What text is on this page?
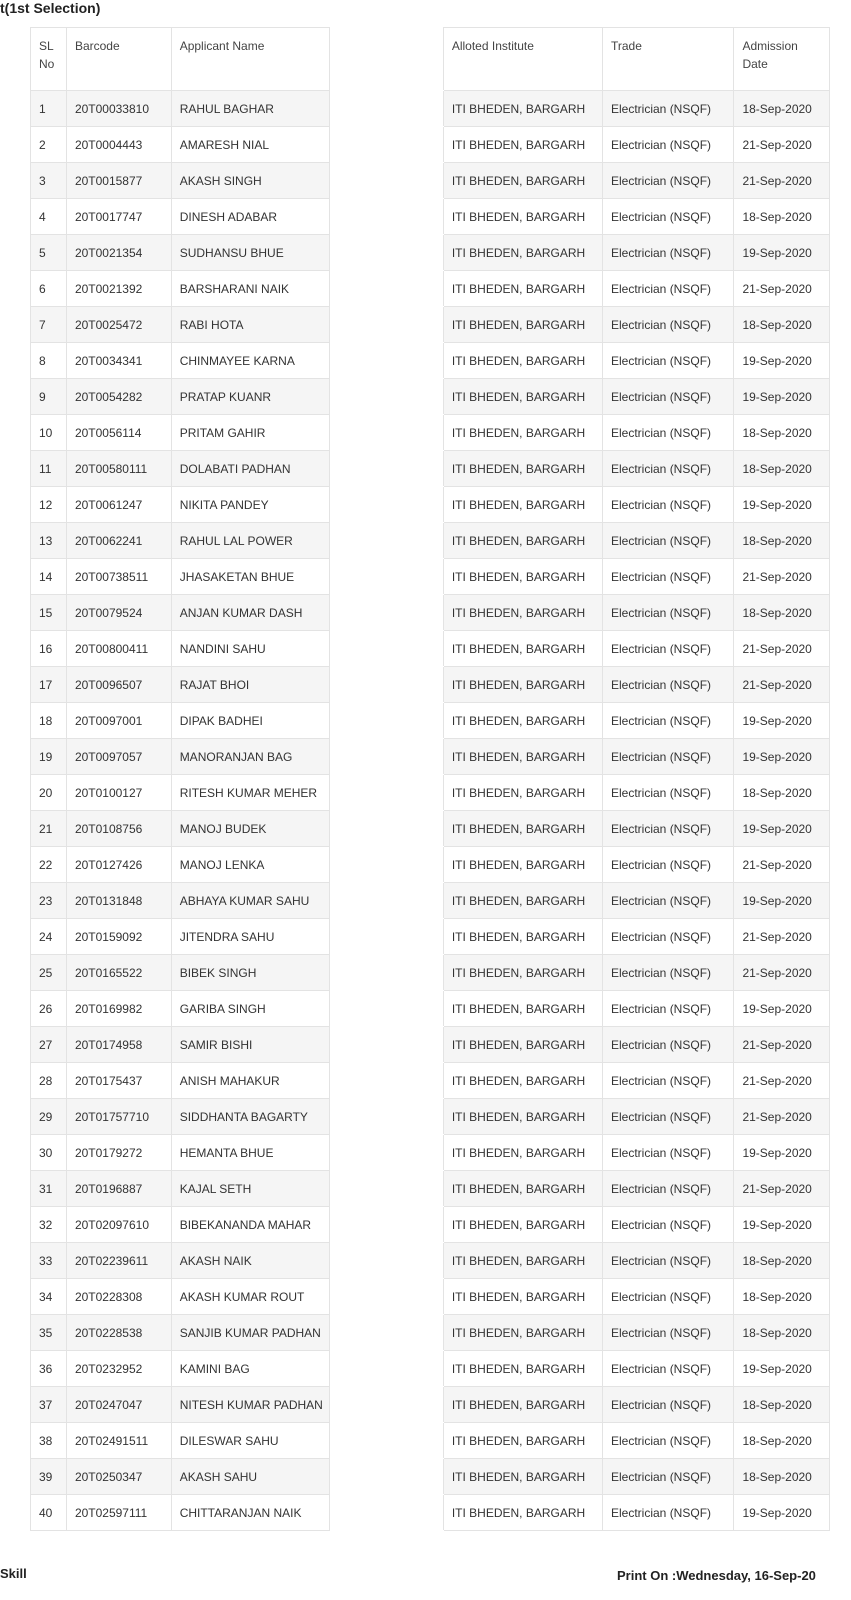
t(1st Selection)
SL No	Barcode	Applicant Name		Alloted Institute	Trade	Admission Date
1	20T00033810	RAHUL BAGHAR		ITI BHEDEN, BARGARH	Electrician (NSQF)	18-Sep-2020
2	20T0004443	AMARESH NIAL		ITI BHEDEN, BARGARH	Electrician (NSQF)	21-Sep-2020
3	20T0015877	AKASH SINGH		ITI BHEDEN, BARGARH	Electrician (NSQF)	21-Sep-2020
4	20T0017747	DINESH ADABAR		ITI BHEDEN, BARGARH	Electrician (NSQF)	18-Sep-2020
5	20T0021354	SUDHANSU BHUE		ITI BHEDEN, BARGARH	Electrician (NSQF)	19-Sep-2020
6	20T0021392	BARSHARANI NAIK		ITI BHEDEN, BARGARH	Electrician (NSQF)	21-Sep-2020
7	20T0025472	RABI HOTA		ITI BHEDEN, BARGARH	Electrician (NSQF)	18-Sep-2020
8	20T0034341	CHINMAYEE KARNA		ITI BHEDEN, BARGARH	Electrician (NSQF)	19-Sep-2020
9	20T0054282	PRATAP KUANR		ITI BHEDEN, BARGARH	Electrician (NSQF)	19-Sep-2020
10	20T0056114	PRITAM GAHIR		ITI BHEDEN, BARGARH	Electrician (NSQF)	18-Sep-2020
11	20T00580111	DOLABATI PADHAN		ITI BHEDEN, BARGARH	Electrician (NSQF)	18-Sep-2020
12	20T0061247	NIKITA PANDEY		ITI BHEDEN, BARGARH	Electrician (NSQF)	19-Sep-2020
13	20T0062241	RAHUL LAL POWER		ITI BHEDEN, BARGARH	Electrician (NSQF)	18-Sep-2020
14	20T00738511	JHASAKETAN BHUE		ITI BHEDEN, BARGARH	Electrician (NSQF)	21-Sep-2020
15	20T0079524	ANJAN KUMAR DASH		ITI BHEDEN, BARGARH	Electrician (NSQF)	18-Sep-2020
16	20T00800411	NANDINI SAHU		ITI BHEDEN, BARGARH	Electrician (NSQF)	21-Sep-2020
17	20T0096507	RAJAT BHOI		ITI BHEDEN, BARGARH	Electrician (NSQF)	21-Sep-2020
18	20T0097001	DIPAK BADHEI		ITI BHEDEN, BARGARH	Electrician (NSQF)	19-Sep-2020
19	20T0097057	MANORANJAN BAG		ITI BHEDEN, BARGARH	Electrician (NSQF)	19-Sep-2020
20	20T0100127	RITESH KUMAR MEHER		ITI BHEDEN, BARGARH	Electrician (NSQF)	18-Sep-2020
21	20T0108756	MANOJ BUDEK		ITI BHEDEN, BARGARH	Electrician (NSQF)	19-Sep-2020
22	20T0127426	MANOJ LENKA		ITI BHEDEN, BARGARH	Electrician (NSQF)	21-Sep-2020
23	20T0131848	ABHAYA KUMAR SAHU		ITI BHEDEN, BARGARH	Electrician (NSQF)	19-Sep-2020
24	20T0159092	JITENDRA SAHU		ITI BHEDEN, BARGARH	Electrician (NSQF)	21-Sep-2020
25	20T0165522	BIBEK SINGH		ITI BHEDEN, BARGARH	Electrician (NSQF)	21-Sep-2020
26	20T0169982	GARIBA SINGH		ITI BHEDEN, BARGARH	Electrician (NSQF)	19-Sep-2020
27	20T0174958	SAMIR BISHI		ITI BHEDEN, BARGARH	Electrician (NSQF)	21-Sep-2020
28	20T0175437	ANISH MAHAKUR		ITI BHEDEN, BARGARH	Electrician (NSQF)	21-Sep-2020
29	20T01757710	SIDDHANTA BAGARTY		ITI BHEDEN, BARGARH	Electrician (NSQF)	21-Sep-2020
30	20T0179272	HEMANTA BHUE		ITI BHEDEN, BARGARH	Electrician (NSQF)	19-Sep-2020
31	20T0196887	KAJAL SETH		ITI BHEDEN, BARGARH	Electrician (NSQF)	21-Sep-2020
32	20T02097610	BIBEKANANDA MAHAR		ITI BHEDEN, BARGARH	Electrician (NSQF)	19-Sep-2020
33	20T02239611	AKASH NAIK		ITI BHEDEN, BARGARH	Electrician (NSQF)	18-Sep-2020
34	20T0228308	AKASH KUMAR ROUT		ITI BHEDEN, BARGARH	Electrician (NSQF)	18-Sep-2020
35	20T0228538	SANJIB KUMAR PADHAN		ITI BHEDEN, BARGARH	Electrician (NSQF)	18-Sep-2020
36	20T0232952	KAMINI BAG		ITI BHEDEN, BARGARH	Electrician (NSQF)	19-Sep-2020
37	20T0247047	NITESH KUMAR PADHAN		ITI BHEDEN, BARGARH	Electrician (NSQF)	18-Sep-2020
38	20T02491511	DILESWAR SAHU		ITI BHEDEN, BARGARH	Electrician (NSQF)	18-Sep-2020
39	20T0250347	AKASH SAHU		ITI BHEDEN, BARGARH	Electrician (NSQF)	18-Sep-2020
40	20T02597111	CHITTARANJAN NAIK		ITI BHEDEN, BARGARH	Electrician (NSQF)	19-Sep-2020
Skill	Print On :Wednesday, 16-Sep-20
